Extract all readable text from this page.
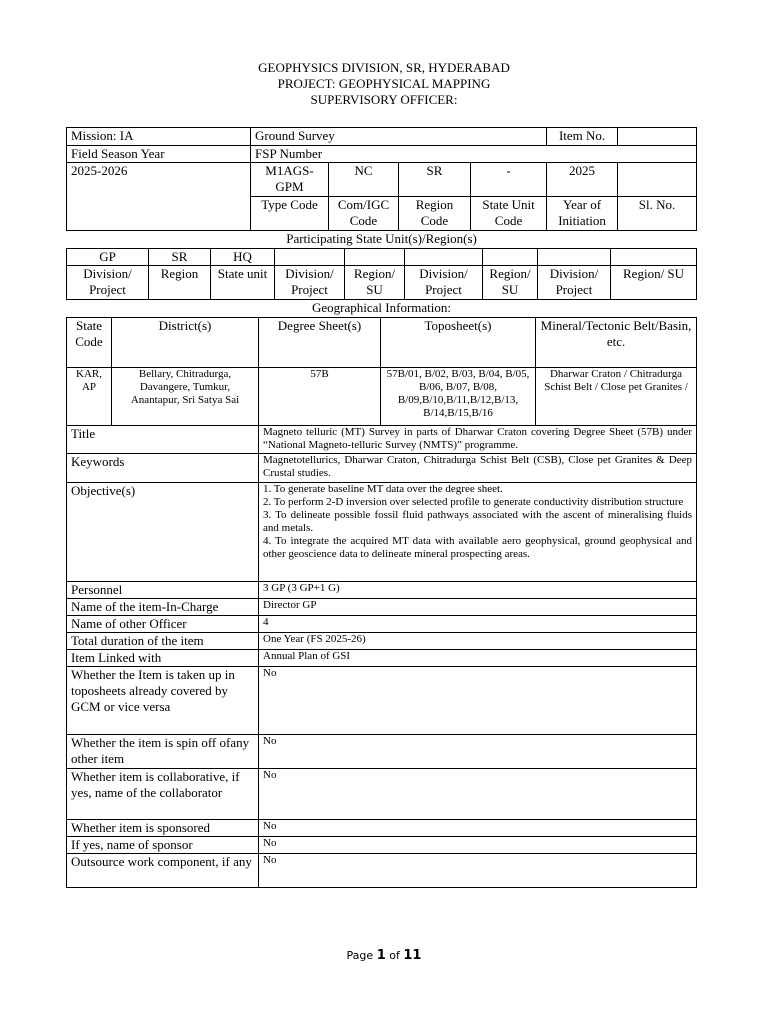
GEOPHYSICS DIVISION, SR, HYDERABAD
PROJECT: GEOPHYSICAL MAPPING
SUPERVISORY OFFICER:
Mission: IA	Ground Survey				Item No.	
Field Season Year	FSP Number					
2025-2026	M1AGS-GPM	NC	SR	-	2025	
	Type Code	Com/IGC Code	Region Code	State Unit Code	Year of Initiation	Sl. No.
Participating State Unit(s)/Region(s)								
GP	SR	HQ						
Division/ Project	Region	State unit	Division/ Project	Region/ SU	Division/ Project	Region/ SU	Division/ Project	Region/ SU
Geographical Information:				
State Code	District(s)	Degree Sheet(s)	Toposheet(s)	Mineral/Tectonic Belt/Basin, etc.
KAR, AP	Bellary, Chitradurga, Davangere, Tumkur, Anantapur, Sri Satya Sai	57B	57B/01, B/02, B/03, B/04, B/05, B/06, B/07, B/08, B/09,B/10,B/11,B/12,B/13, B/14,B/15,B/16	Dharwar Craton / Chitradurga Schist Belt / Close pet Granites /
Title	Magneto telluric (MT) Survey in parts of Dharwar Craton covering Degree Sheet (57B) under “National Magneto-telluric Survey (NMTS)” programme.
Keywords	Magnetotellurics, Dharwar Craton, Chitradurga Schist Belt (CSB), Close pet Granites & Deep Crustal studies.
Objective(s)	1. To generate baseline MT data over the degree sheet.
2. To perform 2-D inversion over selected profile to generate conductivity distribution structure
3. To delineate possible fossil fluid pathways associated with the ascent of mineralising fluids and metals.
4. To integrate the acquired MT data with available aero geophysical, ground geophysical and other geoscience data to delineate mineral prospecting areas.

Personnel	3 GP (3 GP+1 G)
Name of the item-In-Charge	Director GP
Name of other Officer	4
Total duration of the item	One Year (FS 2025-26)
Item Linked with	Annual Plan of GSI
Whether the Item is taken up in toposheets already covered by GCM or vice versa	No
Whether the item is spin off ofany other item	No
Whether item is collaborative, if yes, name of the collaborator	No
Whether item is sponsored	No
If yes, name of sponsor	No
Outsource work component, if any	No
Page 1 of 11
